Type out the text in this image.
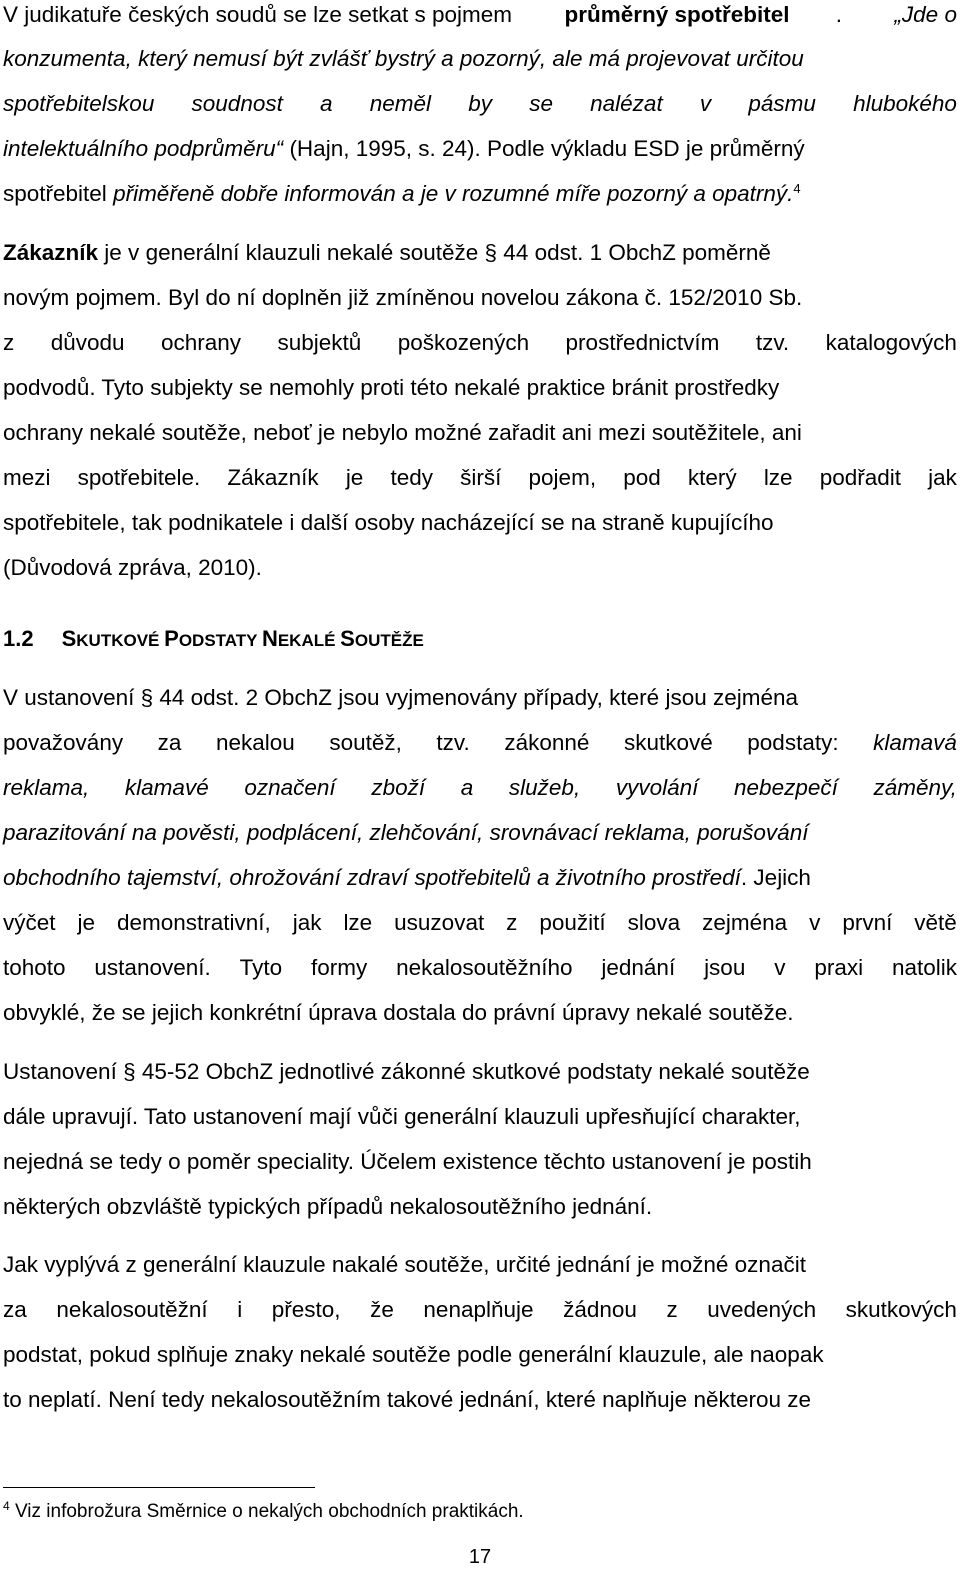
V judikatuře českých soudů se lze setkat s pojmem průměrný spotřebitel . „Jde o
konzumenta, který nemusí být zvlášť bystrý a pozorný, ale má projevovat určitou
spotřebitelskou soudnost a neměl by se nalézat v pásmu hlubokého
intelektuálního podprůměru“ (Hajn, 1995, s. 24). Podle výkladu ESD je průměrný
spotřebitel přiměřeně dobře informován a je v rozumné míře pozorný a opatrný.$^4$
Zákazník je v generální klauzuli nekalé soutěže § 44 odst. 1 ObchZ poměrně
novým pojmem. Byl do ní doplněn již zmíněnou novelou zákona č. 152/2010 Sb.
z důvodu ochrany subjektů poškozených prostřednictvím tzv. katalogových
podvodů. Tyto subjekty se nemohly proti této nekalé praktice bránit prostředky
ochrany nekalé soutěže, neboť je nebylo možné zařadit ani mezi soutěžitele, ani
mezi spotřebitele. Zákazník je tedy širší pojem, pod který lze podřadit jak
spotřebitele, tak podnikatele i další osoby nacházející se na straně kupujícího
(Důvodová zpráva, 2010).
1.2 SKUTKOVÉ PODSTATY NEKALÉ SOUTĚŽE
V ustanovení § 44 odst. 2 ObchZ jsou vyjmenovány případy, které jsou zejména
považovány za nekalou soutěž, tzv. zákonné skutkové podstaty: klamavá
reklama, klamavé označení zboží a služeb, vyvolání nebezpečí záměny,
parazitování na pověsti, podplácení, zlehčování, srovnávací reklama, porušování
obchodního tajemství, ohrožování zdraví spotřebitelů a životního prostředí . Jejich
výčet je demonstrativní, jak lze usuzovat z použití slova zejména v první větě
tohoto ustanovení. Tyto formy nekalosoutěžního jednání jsou v praxi natolik
obvyklé, že se jejich konkrétní úprava dostala do právní úpravy nekalé soutěže.
Ustanovení § 45-52 ObchZ jednotlivé zákonné skutkové podstaty nekalé soutěže
dále upravují. Tato ustanovení mají vůči generální klauzuli upřesňující charakter,
nejedná se tedy o poměr speciality. Účelem existence těchto ustanovení je postih
některých obzvláště typických případů nekalosoutěžního jednání.
Jak vyplývá z generální klauzule nakalé soutěže, určité jednání je možné označit
za nekalosoutěžní i přesto, že nenaplňuje žádnou z uvedených skutkových
podstat, pokud splňuje znaky nekalé soutěže podle generální klauzule, ale naopak
to neplatí. Není tedy nekalosoutěžním takové jednání, které naplňuje některou ze
$^4$ Viz infobrožura Směrnice o nekalých obchodních praktikách.
17
